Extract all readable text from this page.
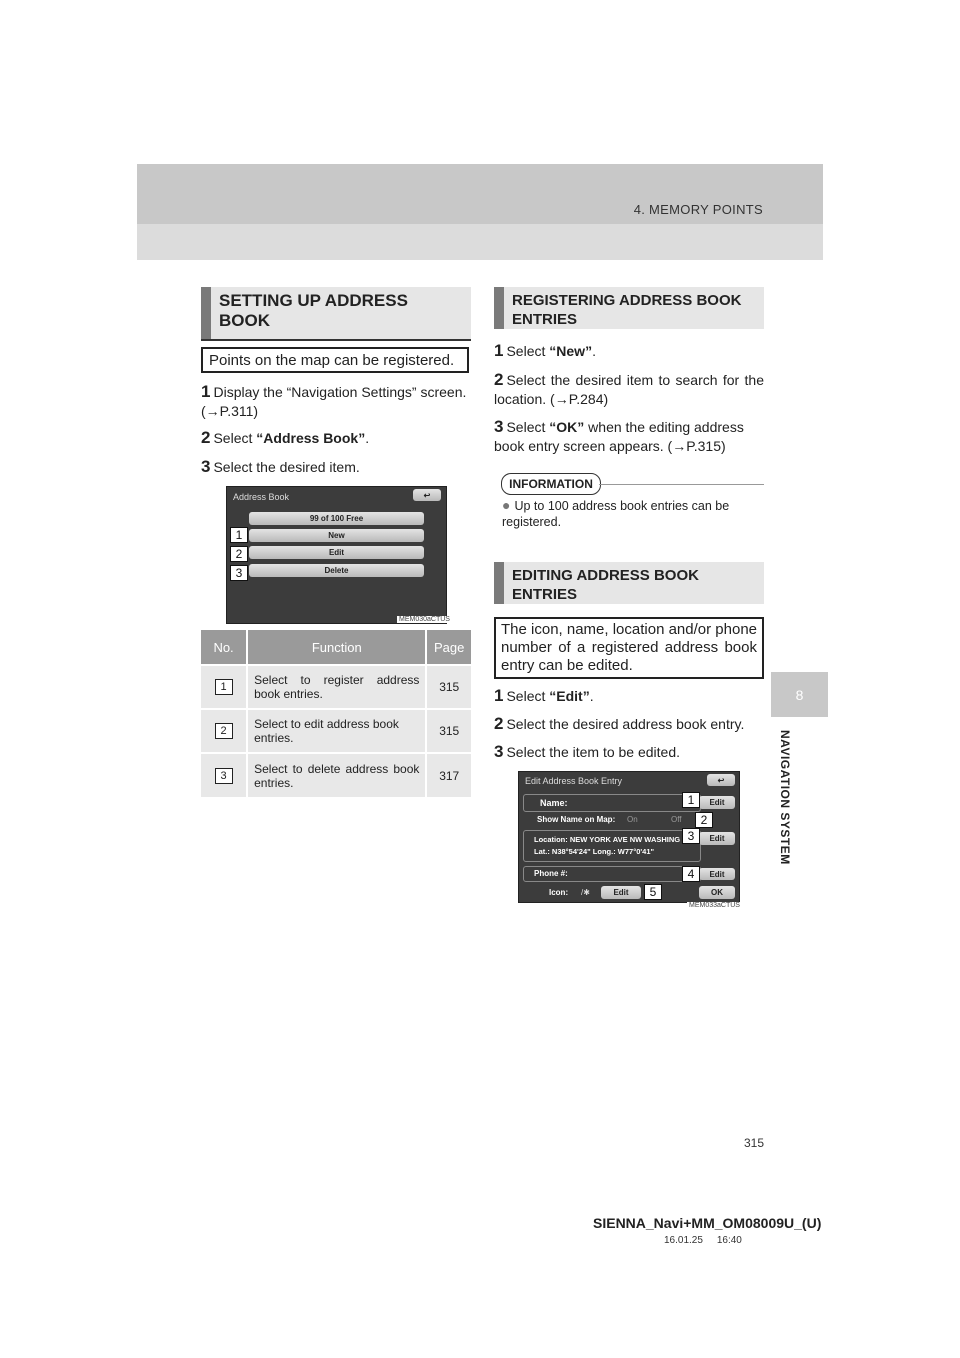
4. MEMORY POINTS
8
NAVIGATION SYSTEM
SETTING UP ADDRESS BOOK
Points on the map can be registered.
1 Display the “Navigation Settings” screen. (→P.311)
2 Select “Address Book”.
3 Select the desired item.
Address Book	↩
99 of 100 Free
New
Edit
Delete
1
2
3
MEM030aCTUS
No.	Function	Page
1	Select to register address book entries.	315
2	Select to edit address book entries.	315
3	Select to delete address book entries.	317
REGISTERING ADDRESS BOOK ENTRIES
1 Select “New”.
2 Select the desired item to search for the location. (→P.284)
3 Select “OK” when the editing address book entry screen appears. (→P.315)
INFORMATION
● Up to 100 address book entries can be registered.
EDITING ADDRESS BOOK ENTRIES
The icon, name, location and/or phone number of a registered address book entry can be edited.
1 Select “Edit”.
2 Select the desired address book entry.
3 Select the item to be edited.
Edit Address Book Entry	↩
Name:	Edit
Show Name on Map: On	Off
Location: NEW YORK AVE NW WASHING
Lat.: N38°54'24" Long.: W77°0'41"
Edit
Phone #:	Edit
Icon: /✱	Edit	OK
1
2
3
4
5
MEM033aCTUS
315
SIENNA_Navi+MM_OM08009U_(U)
16.01.25     16:40
